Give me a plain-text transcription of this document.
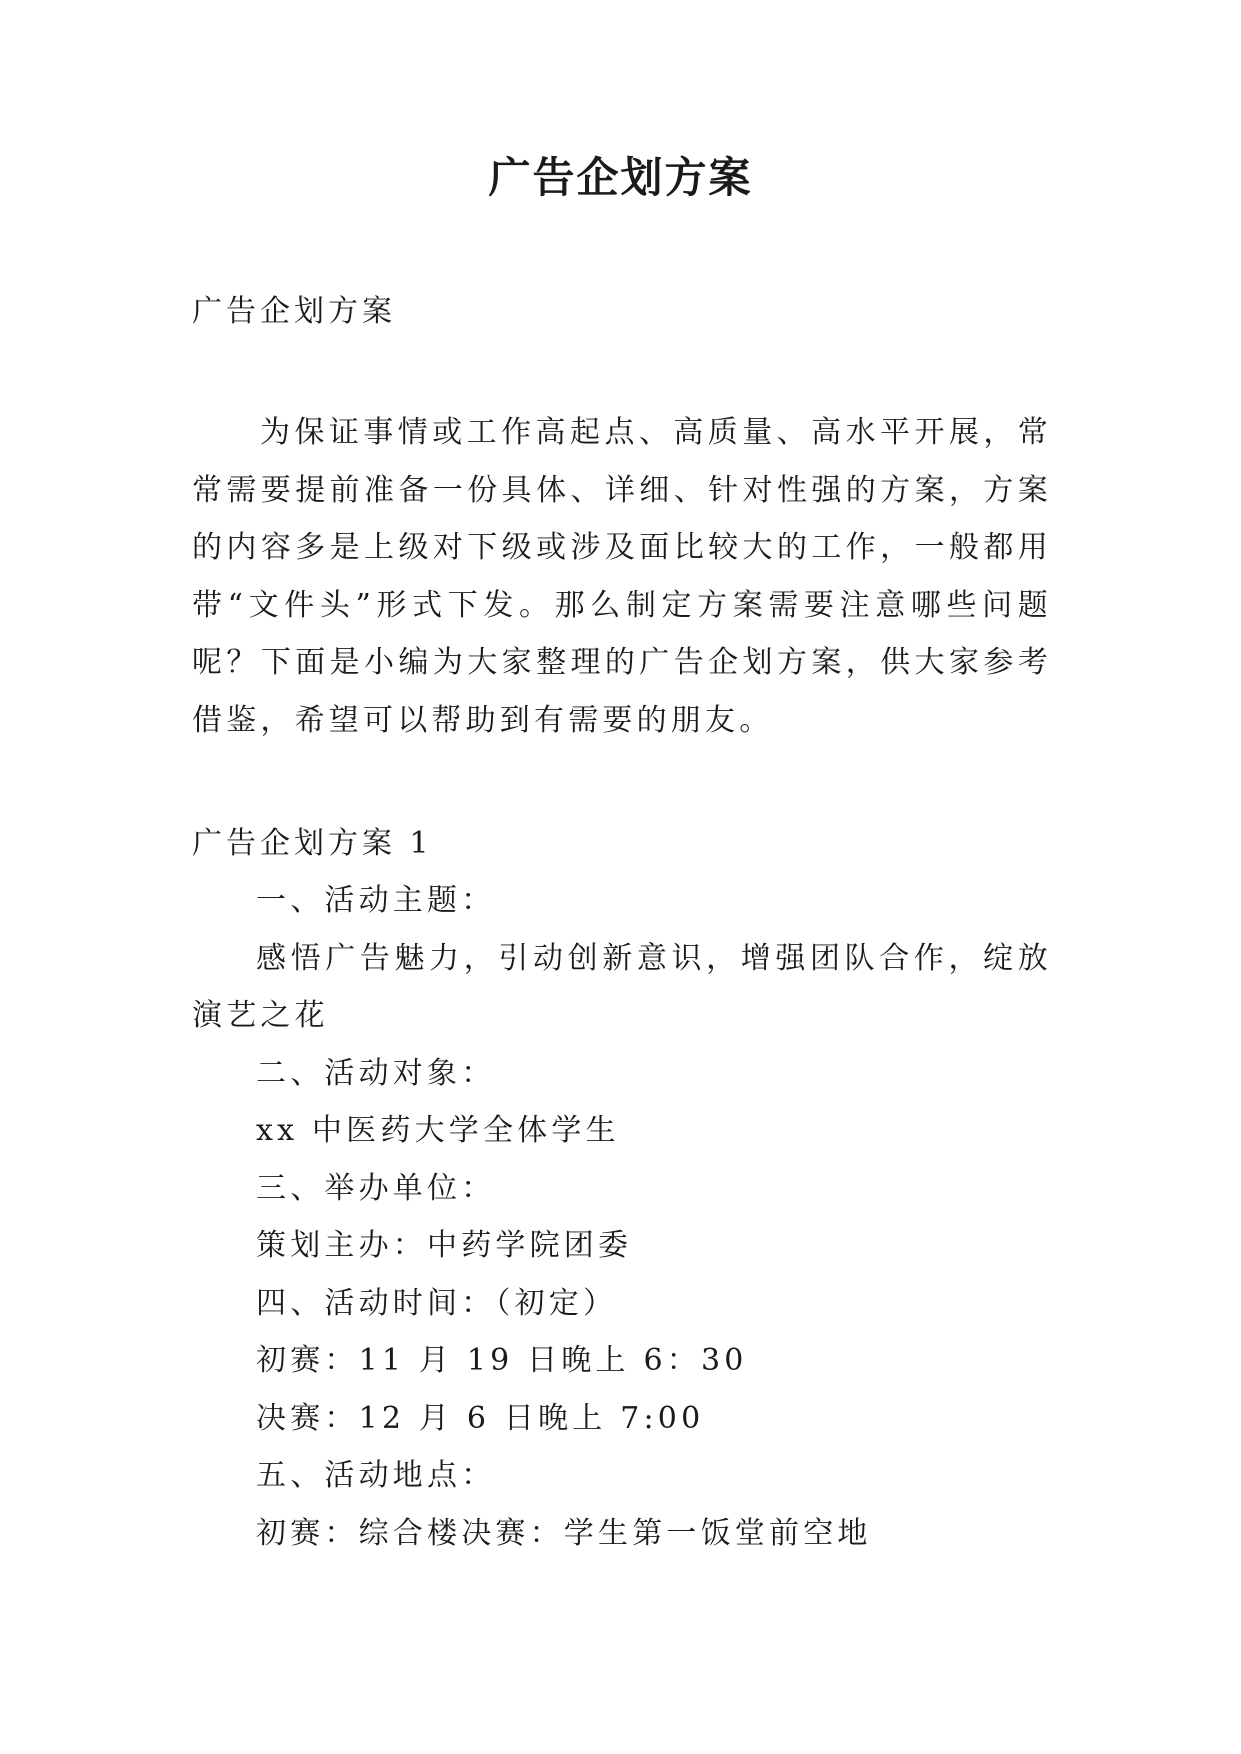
广告企划方案

广告企划方案

为保证事情或工作高起点、高质量、高水平开展，常常需要提前准备一份具体、详细、针对性强的方案，方案的内容多是上级对下级或涉及面比较大的工作，一般都用带“文件头”形式下发。那么制定方案需要注意哪些问题呢？下面是小编为大家整理的广告企划方案，供大家参考借鉴，希望可以帮助到有需要的朋友。

广告企划方案 1

一、活动主题：

感悟广告魅力，引动创新意识，增强团队合作，绽放演艺之花

二、活动对象：

xx 中医药大学全体学生

三、举办单位：

策划主办：中药学院团委

四、活动时间：（初定）

初赛：11 月 19 日晚上 6：30

决赛：12 月 6 日晚上 7:00

五、活动地点：

初赛：综合楼决赛：学生第一饭堂前空地
